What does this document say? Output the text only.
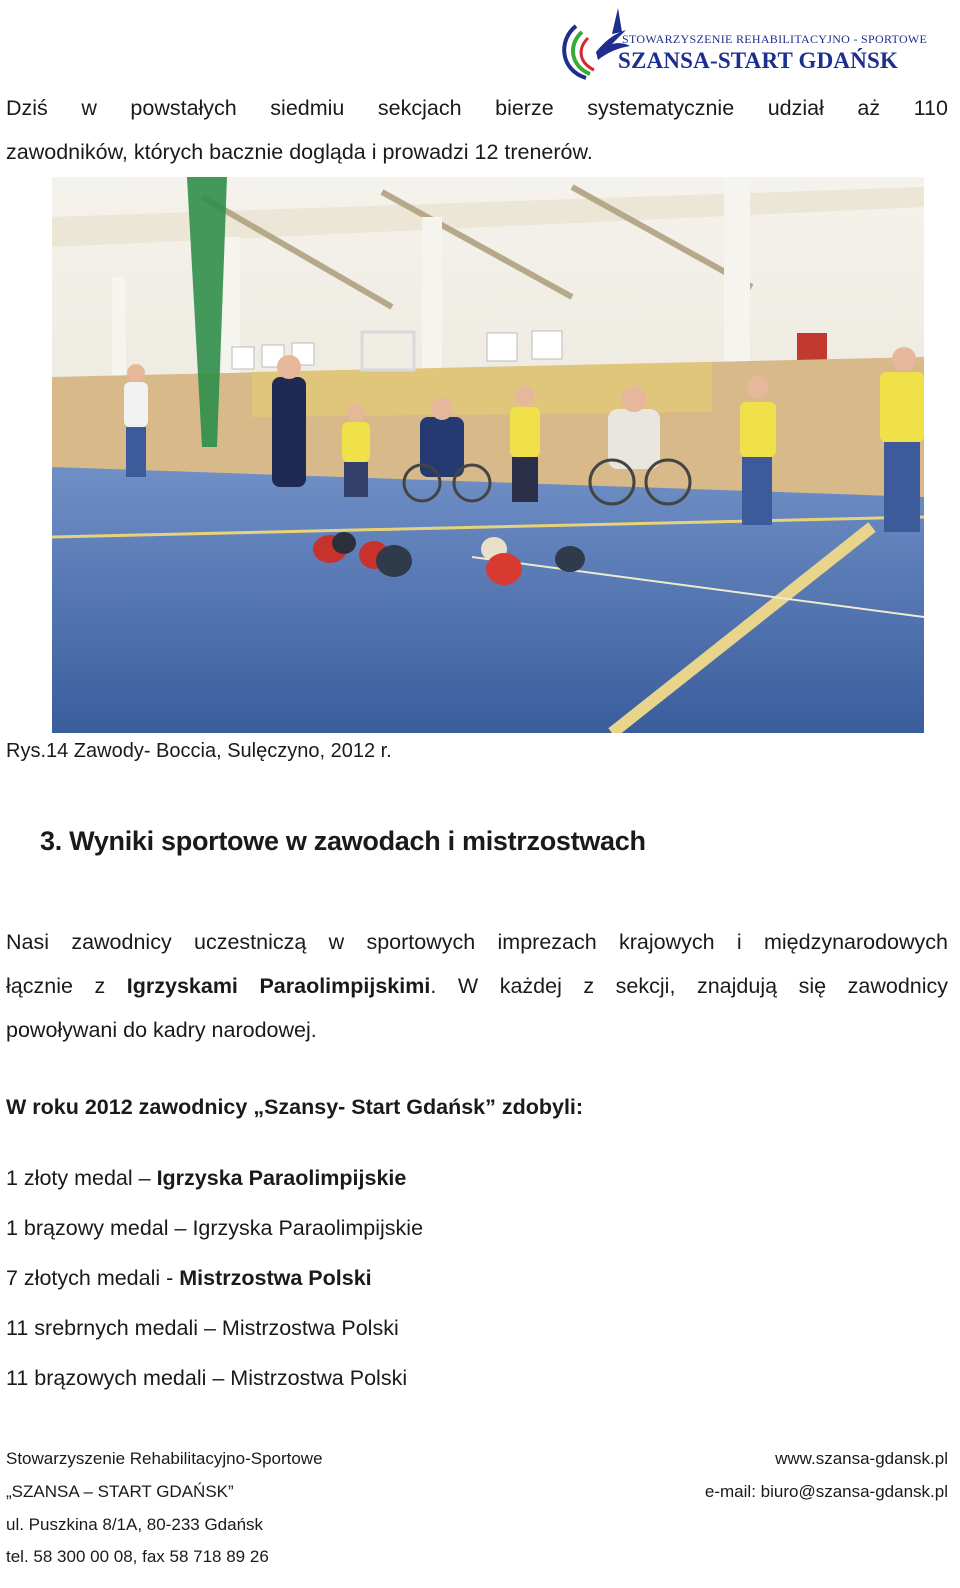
STOWARZYSZENIE REHABILITACYJNO - SPORTOWE
SZANSA-START GDAŃSK
Dziś w powstałych siedmiu sekcjach bierze systematycznie udział aż 110
zawodników, których bacznie dogląda i prowadzi 12 trenerów.
Rys.14 Zawody- Boccia, Sulęczyno, 2012 r.
3. Wyniki sportowe w zawodach i mistrzostwach
Nasi zawodnicy uczestniczą w sportowych imprezach krajowych i międzynarodowych
łącznie z Igrzyskami Paraolimpijskimi. W każdej z sekcji, znajdują się zawodnicy
powoływani do kadry narodowej.
W roku 2012 zawodnicy „Szansy- Start Gdańsk” zdobyli:
1 złoty medal – Igrzyska Paraolimpijskie
1 brązowy medal – Igrzyska Paraolimpijskie
7 złotych medali - Mistrzostwa Polski
11 srebrnych medali – Mistrzostwa Polski
11 brązowych medali – Mistrzostwa Polski
Stowarzyszenie Rehabilitacyjno-Sportowe
„SZANSA – START GDAŃSK”
ul. Puszkina 8/1A, 80-233 Gdańsk
tel. 58 300 00 08, fax 58 718 89 26
www.szansa-gdansk.pl
e-mail: biuro@szansa-gdansk.pl
